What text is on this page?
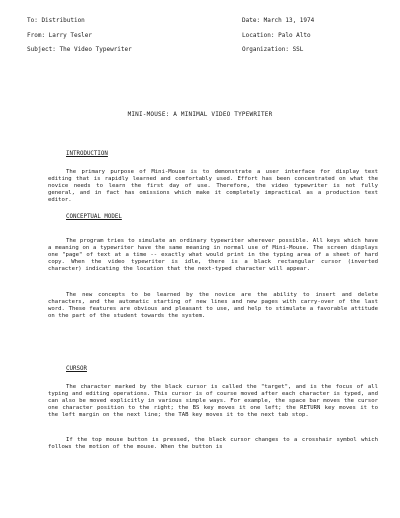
To: Distribution	Date: March 13, 1974
From: Larry Tesler	Location: Palo Alto
Subject: The Video Typewriter	Organization: SSL
MINI-MOUSE: A MINIMAL VIDEO TYPEWRITER
INTRODUCTION
The primary purpose of Mini-Mouse is to demonstrate a user interface for display text editing that is rapidly learned and comfortably used. Effort has been concentrated on what the novice needs to learn the first day of use. Therefore, the video typewriter is not fully general, and in fact has omissions which make it completely impractical as a production text editor.
CONCEPTUAL MODEL
The program tries to simulate an ordinary typewriter wherever possible. All keys which have a meaning on a typewriter have the same meaning in normal use of Mini-Mouse. The screen displays one "page" of text at a time -- exactly what would print in the typing area of a sheet of hard copy. When the video typewriter is idle, there is a black rectangular cursor (inverted character) indicating the location that the next-typed character will appear.
The new concepts to be learned by the novice are the ability to insert and delete characters, and the automatic starting of new lines and new pages with carry-over of the last word. These features are obvious and pleasant to use, and help to stimulate a favorable attitude on the part of the student towards the system.
CURSOR
The character marked by the black cursor is called the "target", and is the focus of all typing and editing operations. This cursor is of course moved after each character is typed, and can also be moved explicitly in various simple ways. For example, the space bar moves the cursor one character position to the right; the BS key moves it one left; the RETURN key moves it to the left margin on the next line; the TAB key moves it to the next tab stop.
If the top mouse button is pressed, the black cursor changes to a crosshair symbol which follows the motion of the mouse. When the button is
